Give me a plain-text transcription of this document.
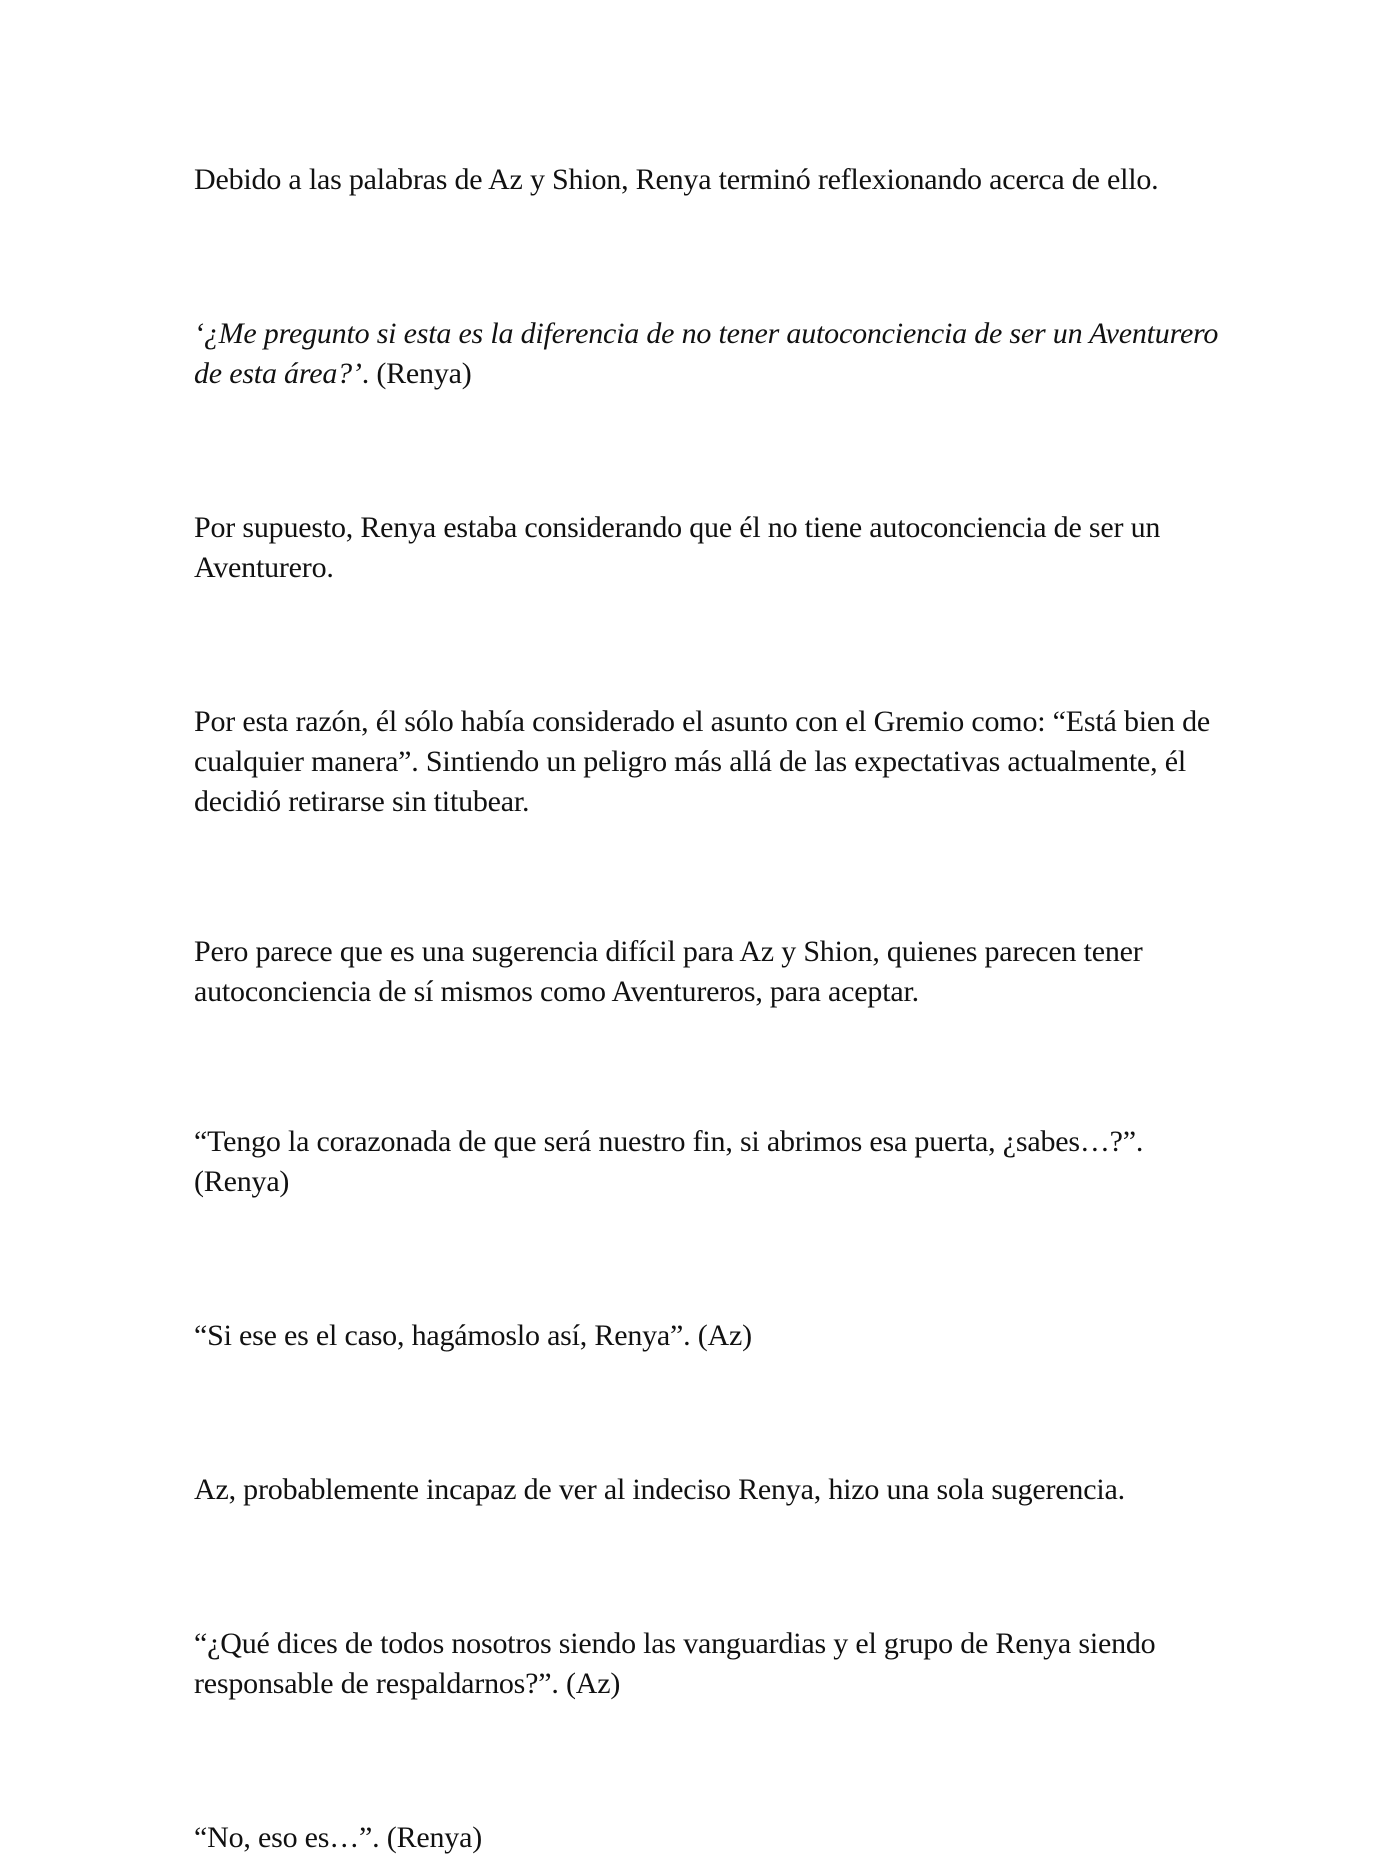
Debido a las palabras de Az y Shion, Renya terminó reflexionando acerca de ello.

‘¿Me pregunto si esta es la diferencia de no tener autoconciencia de ser un Aventurero de esta área?’. (Renya)

Por supuesto, Renya estaba considerando que él no tiene autoconciencia de ser un Aventurero.

Por esta razón, él sólo había considerado el asunto con el Gremio como: “Está bien de cualquier manera”. Sintiendo un peligro más allá de las expectativas actualmente, él decidió retirarse sin titubear.

Pero parece que es una sugerencia difícil para Az y Shion, quienes parecen tener autoconciencia de sí mismos como Aventureros, para aceptar.

“Tengo la corazonada de que será nuestro fin, si abrimos esa puerta, ¿sabes…?”. (Renya)

“Si ese es el caso, hagámoslo así, Renya”. (Az)

Az, probablemente incapaz de ver al indeciso Renya, hizo una sola sugerencia.

“¿Qué dices de todos nosotros siendo las vanguardias y el grupo de Renya siendo responsable de respaldarnos?”. (Az)

“No, eso es…”. (Renya)
